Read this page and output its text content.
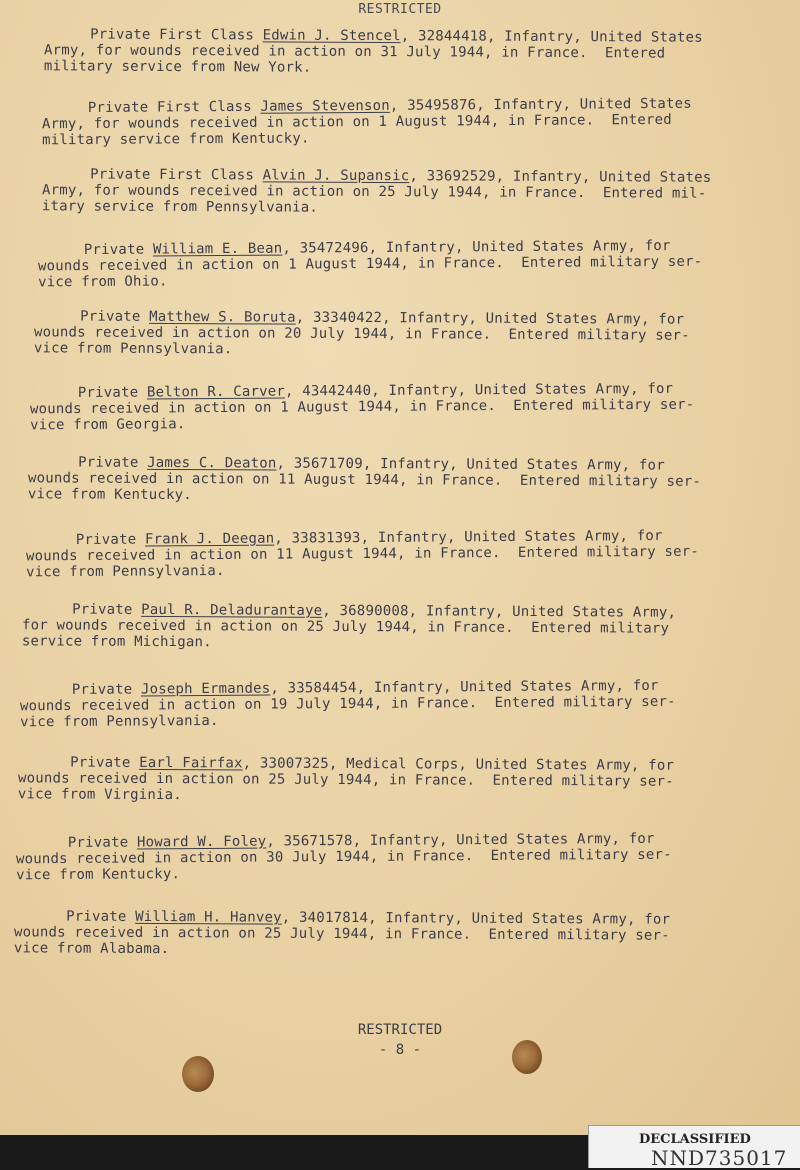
RESTRICTED
Private First Class Edwin J. Stencel, 32844418, Infantry, United States
Army, for wounds received in action on 31 July 1944, in France.  Entered
military service from New York.
Private First Class James Stevenson, 35495876, Infantry, United States
Army, for wounds received in action on 1 August 1944, in France.  Entered
military service from Kentucky.
Private First Class Alvin J. Supansic, 33692529, Infantry, United States
Army, for wounds received in action on 25 July 1944, in France.  Entered mil-
itary service from Pennsylvania.
Private William E. Bean, 35472496, Infantry, United States Army, for
wounds received in action on 1 August 1944, in France.  Entered military ser-
vice from Ohio.
Private Matthew S. Boruta, 33340422, Infantry, United States Army, for
wounds received in action on 20 July 1944, in France.  Entered military ser-
vice from Pennsylvania.
Private Belton R. Carver, 43442440, Infantry, United States Army, for
wounds received in action on 1 August 1944, in France.  Entered military ser-
vice from Georgia.
Private James C. Deaton, 35671709, Infantry, United States Army, for
wounds received in action on 11 August 1944, in France.  Entered military ser-
vice from Kentucky.
Private Frank J. Deegan, 33831393, Infantry, United States Army, for
wounds received in action on 11 August 1944, in France.  Entered military ser-
vice from Pennsylvania.
Private Paul R. Deladurantaye, 36890008, Infantry, United States Army,
for wounds received in action on 25 July 1944, in France.  Entered military
service from Michigan.
Private Joseph Ermandes, 33584454, Infantry, United States Army, for
wounds received in action on 19 July 1944, in France.  Entered military ser-
vice from Pennsylvania.
Private Earl Fairfax, 33007325, Medical Corps, United States Army, for
wounds received in action on 25 July 1944, in France.  Entered military ser-
vice from Virginia.
Private Howard W. Foley, 35671578, Infantry, United States Army, for
wounds received in action on 30 July 1944, in France.  Entered military ser-
vice from Kentucky.
Private William H. Hanvey, 34017814, Infantry, United States Army, for
wounds received in action on 25 July 1944, in France.  Entered military ser-
vice from Alabama.
RESTRICTED
- 8 -
DECLASSIFIED
NND735017
